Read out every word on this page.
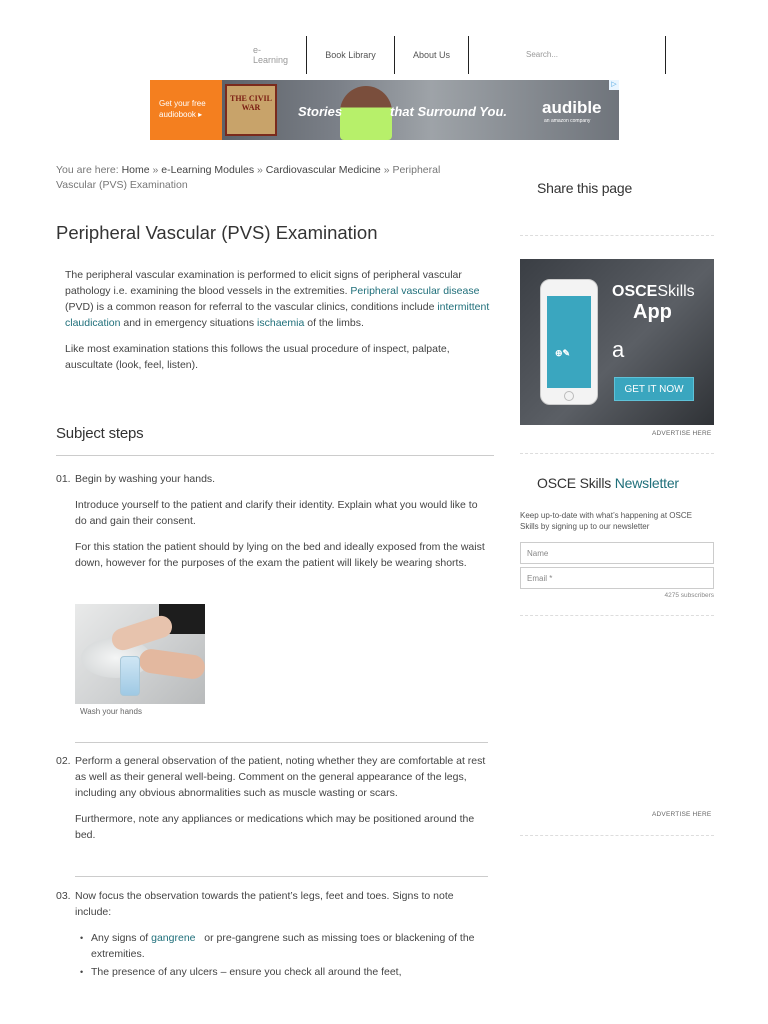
e-Learning	Book Library	About Us
Search...
Get your free audiobook ▸
THE CIVIL WAR	Stories	that Surround You. audible
an amazon company
▷
You are here: Home » e-Learning Modules » Cardiovascular Medicine » Peripheral Vascular (PVS) Examination
Peripheral Vascular (PVS) Examination

The peripheral vascular examination is performed to elicit signs of peripheral vascular pathology i.e. examining the blood vessels in the extremities. Peripheral vascular disease (PVD) is a common reason for referral to the vascular clinics, conditions include intermittent claudication and in emergency situations ischaemia of the limbs.

Like most examination stations this follows the usual procedure of inspect, palpate, auscultate (look, feel, listen).

Subject steps
01. Begin by washing your hands.

Introduce yourself to the patient and clarify their identity. Explain what you would like to do and gain their consent.

For this station the patient should by lying on the bed and ideally exposed from the waist down, however for the purposes of the exam the patient will likely be wearing shorts.

Wash your hands
02. Perform a general observation of the patient, noting whether they are comfortable at rest as well as their general well-being. Comment on the general appearance of the legs, including any obvious abnormalities such as muscle wasting or scars.

Furthermore, note any appliances or medications which may be positioned around the bed.

03. Now focus the observation towards the patient’s legs, feet and toes. Signs to note include:

• Any signs of gangrene or pre-gangrene such as missing toes or blackening of the extremities.
• The presence of any ulcers – ensure you check all around the feet,
Share this page
⊕✎
OSCESkills
App
a
GET IT NOW
ADVERTISE HERE
OSCE Skills Newsletter
Keep up-to-date with what’s happening at OSCE Skills by signing up to our newsletter
Name
Email *
4275 subscribers
ADVERTISE HERE
